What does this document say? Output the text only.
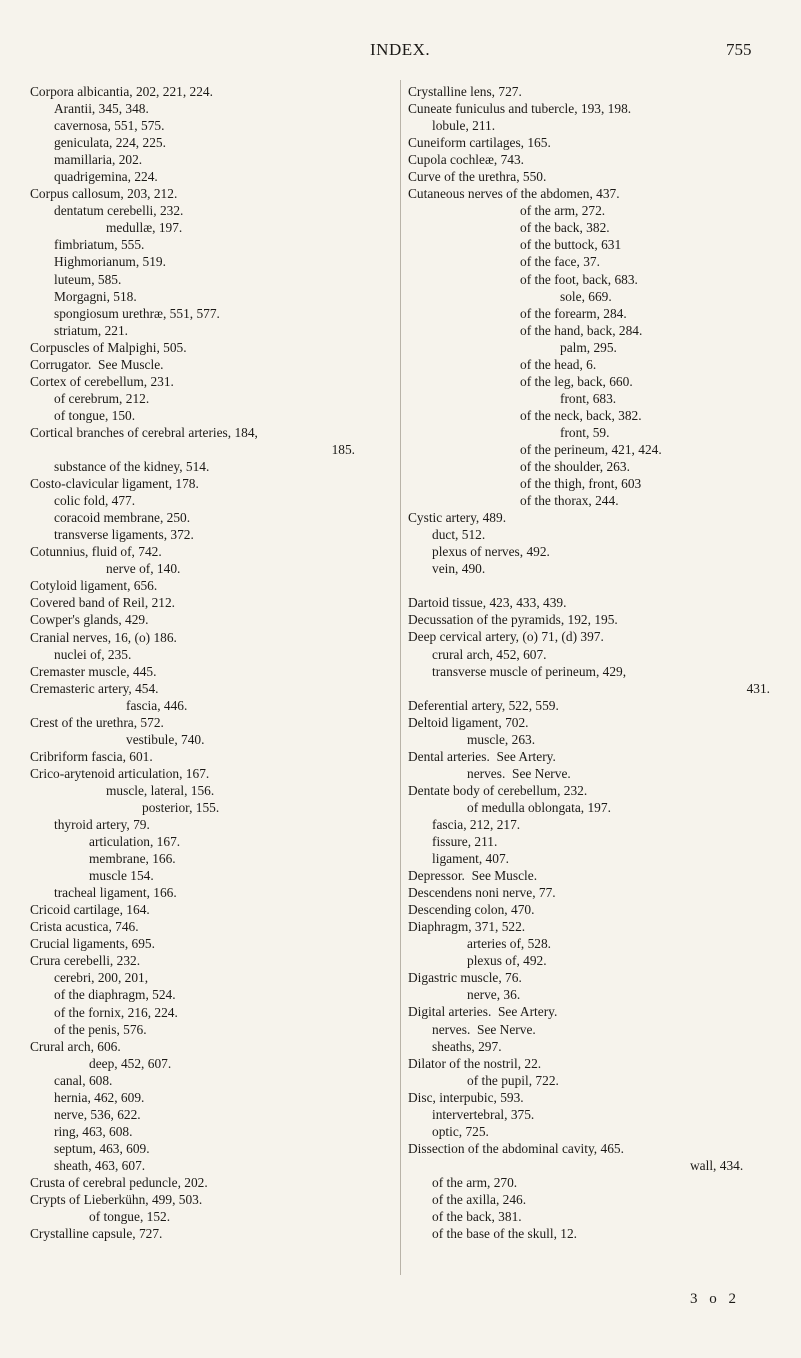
INDEX.	755
Corpora albicantia, 202, 221, 224.
Arantii, 345, 348.
cavernosa, 551, 575.
geniculata, 224, 225.
mamillaria, 202.
quadrigemina, 224.
Corpus callosum, 203, 212.
dentatum cerebelli, 232.
medullæ, 197.
fimbriatum, 555.
Highmorianum, 519.
luteum, 585.
Morgagni, 518.
spongiosum urethræ, 551, 577.
striatum, 221.
Corpuscles of Malpighi, 505.
Corrugator.  See Muscle.
Cortex of cerebellum, 231.
of cerebrum, 212.
of tongue, 150.
Cortical branches of cerebral arteries, 184,
185.
substance of the kidney, 514.
Costo-clavicular ligament, 178.
colic fold, 477.
coracoid membrane, 250.
transverse ligaments, 372.
Cotunnius, fluid of, 742.
nerve of, 140.
Cotyloid ligament, 656.
Covered band of Reil, 212.
Cowper's glands, 429.
Cranial nerves, 16, (o) 186.
nuclei of, 235.
Cremaster muscle, 445.
Cremasteric artery, 454.
fascia, 446.
Crest of the urethra, 572.
vestibule, 740.
Cribriform fascia, 601.
Crico-arytenoid articulation, 167.
muscle, lateral, 156.
posterior, 155.
thyroid artery, 79.
articulation, 167.
membrane, 166.
muscle 154.
tracheal ligament, 166.
Cricoid cartilage, 164.
Crista acustica, 746.
Crucial ligaments, 695.
Crura cerebelli, 232.
cerebri, 200, 201,
of the diaphragm, 524.
of the fornix, 216, 224.
of the penis, 576.
Crural arch, 606.
deep, 452, 607.
canal, 608.
hernia, 462, 609.
nerve, 536, 622.
ring, 463, 608.
septum, 463, 609.
sheath, 463, 607.
Crusta of cerebral peduncle, 202.
Crypts of Lieberkühn, 499, 503.
of tongue, 152.
Crystalline capsule, 727.
Crystalline lens, 727.
Cuneate funiculus and tubercle, 193, 198.
lobule, 211.
Cuneiform cartilages, 165.
Cupola cochleæ, 743.
Curve of the urethra, 550.
Cutaneous nerves of the abdomen, 437.
of the arm, 272.
of the back, 382.
of the buttock, 631
of the face, 37.
of the foot, back, 683.
sole, 669.
of the forearm, 284.
of the hand, back, 284.
palm, 295.
of the head, 6.
of the leg, back, 660.
front, 683.
of the neck, back, 382.
front, 59.
of the perineum, 421, 424.
of the shoulder, 263.
of the thigh, front, 603
of the thorax, 244.
Cystic artery, 489.
duct, 512.
plexus of nerves, 492.
vein, 490.
Dartoid tissue, 423, 433, 439.
Decussation of the pyramids, 192, 195.
Deep cervical artery, (o) 71, (d) 397.
crural arch, 452, 607.
transverse muscle of perineum, 429,
431.
Deferential artery, 522, 559.
Deltoid ligament, 702.
muscle, 263.
Dental arteries.  See Artery.
nerves.  See Nerve.
Dentate body of cerebellum, 232.
of medulla oblongata, 197.
fascia, 212, 217.
fissure, 211.
ligament, 407.
Depressor.  See Muscle.
Descendens noni nerve, 77.
Descending colon, 470.
Diaphragm, 371, 522.
arteries of, 528.
plexus of, 492.
Digastric muscle, 76.
nerve, 36.
Digital arteries.  See Artery.
nerves.  See Nerve.
sheaths, 297.
Dilator of the nostril, 22.
of the pupil, 722.
Disc, interpubic, 593.
intervertebral, 375.
optic, 725.
Dissection of the abdominal cavity, 465.
wall, 434.
of the arm, 270.
of the axilla, 246.
of the back, 381.
of the base of the skull, 12.
3 o 2
